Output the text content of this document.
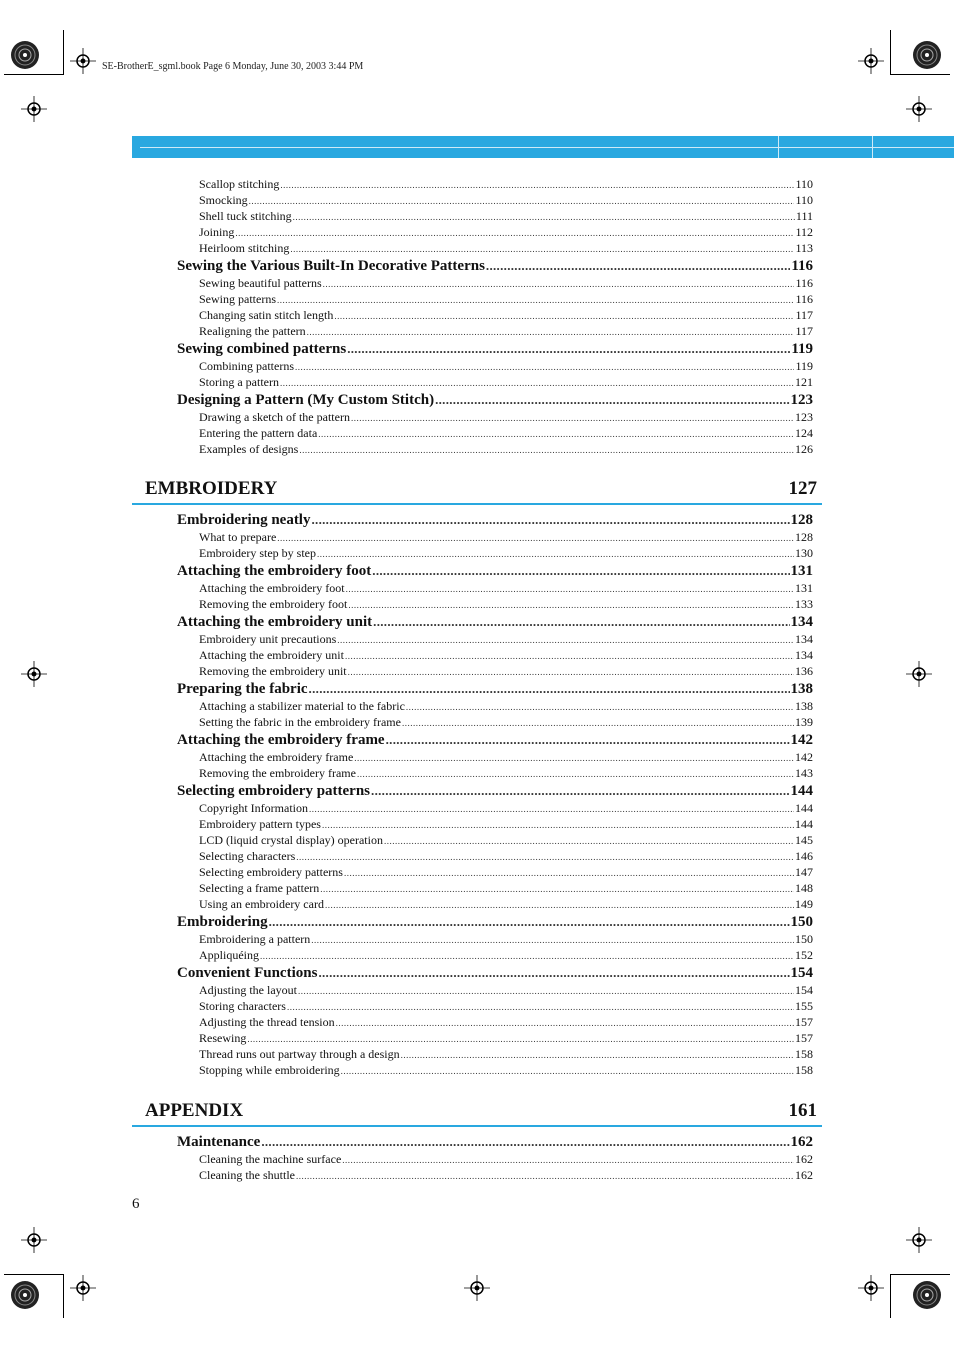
SE-BrotherE_sgml.book Page 6 Monday, June 30, 2003 3:44 PM
Scallop stitching .....	110
Smocking .....	110
Shell tuck stitching .....	111
Joining .....	112
Heirloom stitching .....	113
Sewing the Various Built-In Decorative Patterns .....	116
Sewing beautiful patterns .....	116
Sewing patterns .....	116
Changing satin stitch length .....	117
Realigning the pattern .....	117
Sewing combined patterns .....	119
Combining patterns .....	119
Storing a pattern .....	121
Designing a Pattern (My Custom Stitch) .....	123
Drawing a sketch of the pattern .....	123
Entering the pattern data .....	124
Examples of designs .....	126
EMBROIDERY	127
Embroidering neatly .....	128
What to prepare .....	128
Embroidery step by step .....	130
Attaching the embroidery foot .....	131
Attaching the embroidery foot .....	131
Removing the embroidery foot .....	133
Attaching the embroidery unit .....	134
Embroidery unit precautions .....	134
Attaching the embroidery unit .....	134
Removing the embroidery unit .....	136
Preparing the fabric .....	138
Attaching a stabilizer material to the fabric .....	138
Setting the fabric in the embroidery frame .....	139
Attaching the embroidery frame .....	142
Attaching the embroidery frame .....	142
Removing the embroidery frame .....	143
Selecting embroidery patterns .....	144
Copyright Information .....	144
Embroidery pattern types .....	144
LCD (liquid crystal display) operation .....	145
Selecting characters .....	146
Selecting embroidery patterns .....	147
Selecting a frame pattern .....	148
Using an embroidery card .....	149
Embroidering .....	150
Embroidering a pattern .....	150
Appliquéing .....	152
Convenient Functions .....	154
Adjusting the layout .....	154
Storing characters .....	155
Adjusting the thread tension .....	157
Resewing .....	157
Thread runs out partway through a design .....	158
Stopping while embroidering .....	158
APPENDIX	161
Maintenance .....	162
Cleaning the machine surface .....	162
Cleaning the shuttle .....	162
6
